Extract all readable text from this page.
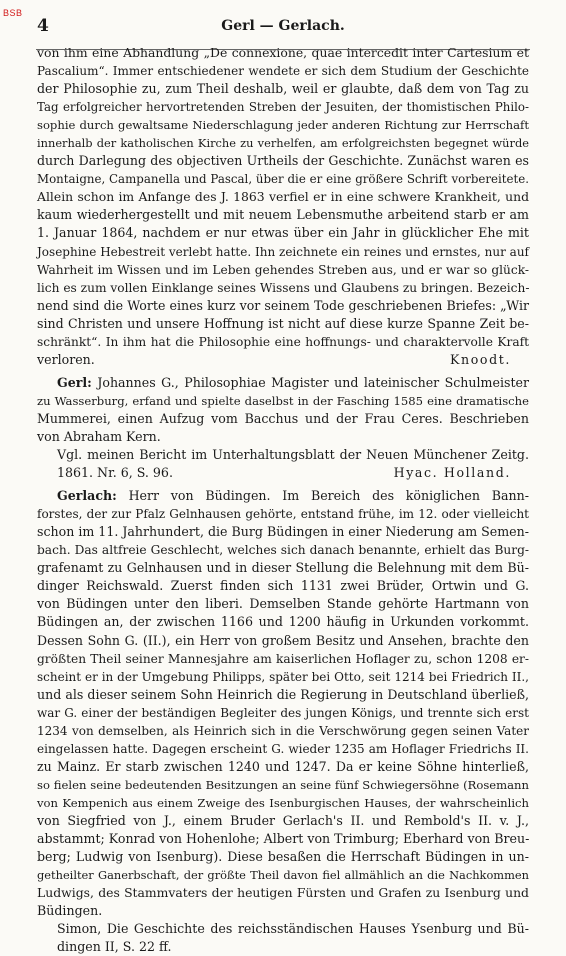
BSB
4	Gerl — Gerlach.

von ihm eine Abhandlung „De connexione, quae intercedit inter Cartesium et
Pascalium“. Immer entschiedener wendete er sich dem Studium der Geschichte
der Philosophie zu, zum Theil deshalb, weil er glaubte, daß dem von Tag zu
Tag erfolgreicher hervortretenden Streben der Jesuiten, der thomistischen Philo-
sophie durch gewaltsame Niederschlagung jeder anderen Richtung zur Herrschaft
innerhalb der katholischen Kirche zu verhelfen, am erfolgreichsten begegnet würde
durch Darlegung des objectiven Urtheils der Geschichte. Zunächst waren es
Montaigne, Campanella und Pascal, über die er eine größere Schrift vorbereitete.
Allein schon im Anfange des J. 1863 verfiel er in eine schwere Krankheit, und
kaum wiederhergestellt und mit neuem Lebensmuthe arbeitend starb er am
1. Januar 1864, nachdem er nur etwas über ein Jahr in glücklicher Ehe mit
Josephine Hebestreit verlebt hatte. Ihn zeichnete ein reines und ernstes, nur auf
Wahrheit im Wissen und im Leben gehendes Streben aus, und er war so glück-
lich es zum vollen Einklange seines Wissens und Glaubens zu bringen. Bezeich-
nend sind die Worte eines kurz vor seinem Tode geschriebenen Briefes: „Wir
sind Christen und unsere Hoffnung ist nicht auf diese kurze Spanne Zeit be-
schränkt“. In ihm hat die Philosophie eine hoffnungs- und charaktervolle Kraft
verloren.	Knoodt.

Gerl: Johannes G., Philosophiae Magister und lateinischer Schulmeister
zu Wasserburg, erfand und spielte daselbst in der Fasching 1585 eine dramatische
Mummerei, einen Aufzug vom Bacchus und der Frau Ceres. Beschrieben
von Abraham Kern.
Vgl. meinen Bericht im Unterhaltungsblatt der Neuen Münchener Zeitg.
1861. Nr. 6, S. 96.	Hyac. Holland.

Gerlach: Herr von Büdingen. Im Bereich des königlichen Bann-
forstes, der zur Pfalz Gelnhausen gehörte, entstand frühe, im 12. oder vielleicht
schon im 11. Jahrhundert, die Burg Büdingen in einer Niederung am Semen-
bach. Das altfreie Geschlecht, welches sich danach benannte, erhielt das Burg-
grafenamt zu Gelnhausen und in dieser Stellung die Belehnung mit dem Bü-
dinger Reichswald. Zuerst finden sich 1131 zwei Brüder, Ortwin und G.
von Büdingen unter den liberi. Demselben Stande gehörte Hartmann von
Büdingen an, der zwischen 1166 und 1200 häufig in Urkunden vorkommt.
Dessen Sohn G. (II.), ein Herr von großem Besitz und Ansehen, brachte den
größten Theil seiner Mannesjahre am kaiserlichen Hoflager zu, schon 1208 er-
scheint er in der Umgebung Philipps, später bei Otto, seit 1214 bei Friedrich II.,
und als dieser seinem Sohn Heinrich die Regierung in Deutschland überließ,
war G. einer der beständigen Begleiter des jungen Königs, und trennte sich erst
1234 von demselben, als Heinrich sich in die Verschwörung gegen seinen Vater
eingelassen hatte. Dagegen erscheint G. wieder 1235 am Hoflager Friedrichs II.
zu Mainz. Er starb zwischen 1240 und 1247. Da er keine Söhne hinterließ,
so fielen seine bedeutenden Besitzungen an seine fünf Schwiegersöhne (Rosemann
von Kempenich aus einem Zweige des Isenburgischen Hauses, der wahrscheinlich
von Siegfried von J., einem Bruder Gerlach's II. und Rembold's II. v. J.,
abstammt; Konrad von Hohenlohe; Albert von Trimburg; Eberhard von Breu-
berg; Ludwig von Isenburg). Diese besaßen die Herrschaft Büdingen in un-
getheilter Ganerbschaft, der größte Theil davon fiel allmählich an die Nachkommen
Ludwigs, des Stammvaters der heutigen Fürsten und Grafen zu Isenburg und
Büdingen.
Simon, Die Geschichte des reichsständischen Hauses Ysenburg und Bü-
dingen II, S. 22 ff.
